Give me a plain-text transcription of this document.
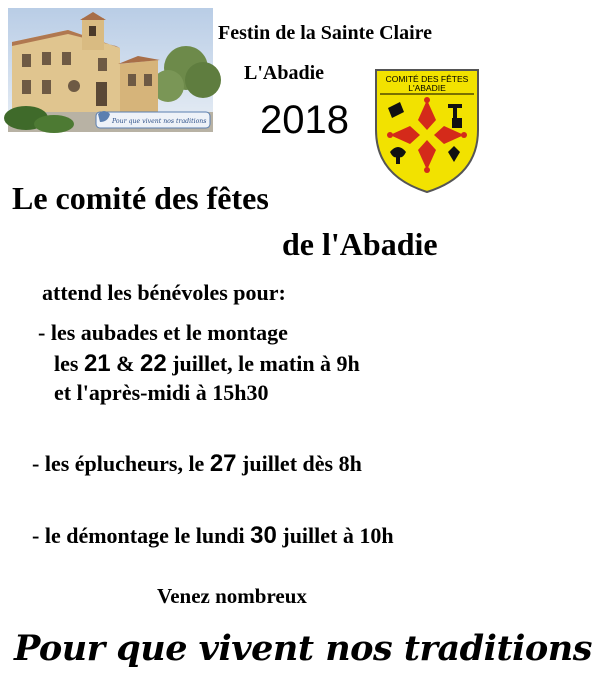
Pour que vivent nos traditions
Festin de la Sainte Claire
L'Abadie
2018
COMITÉ DES FÊTES
L'ABADIE
Le comité des fêtes
de l'Abadie
attend les bénévoles pour:
- les aubades et le montage
les 21 & 22 juillet, le matin à 9h
et l'après-midi à 15h30
- les éplucheurs, le 27 juillet dès 8h
- le démontage le lundi 30 juillet à 10h
Venez nombreux
Pour que vivent nos traditions
